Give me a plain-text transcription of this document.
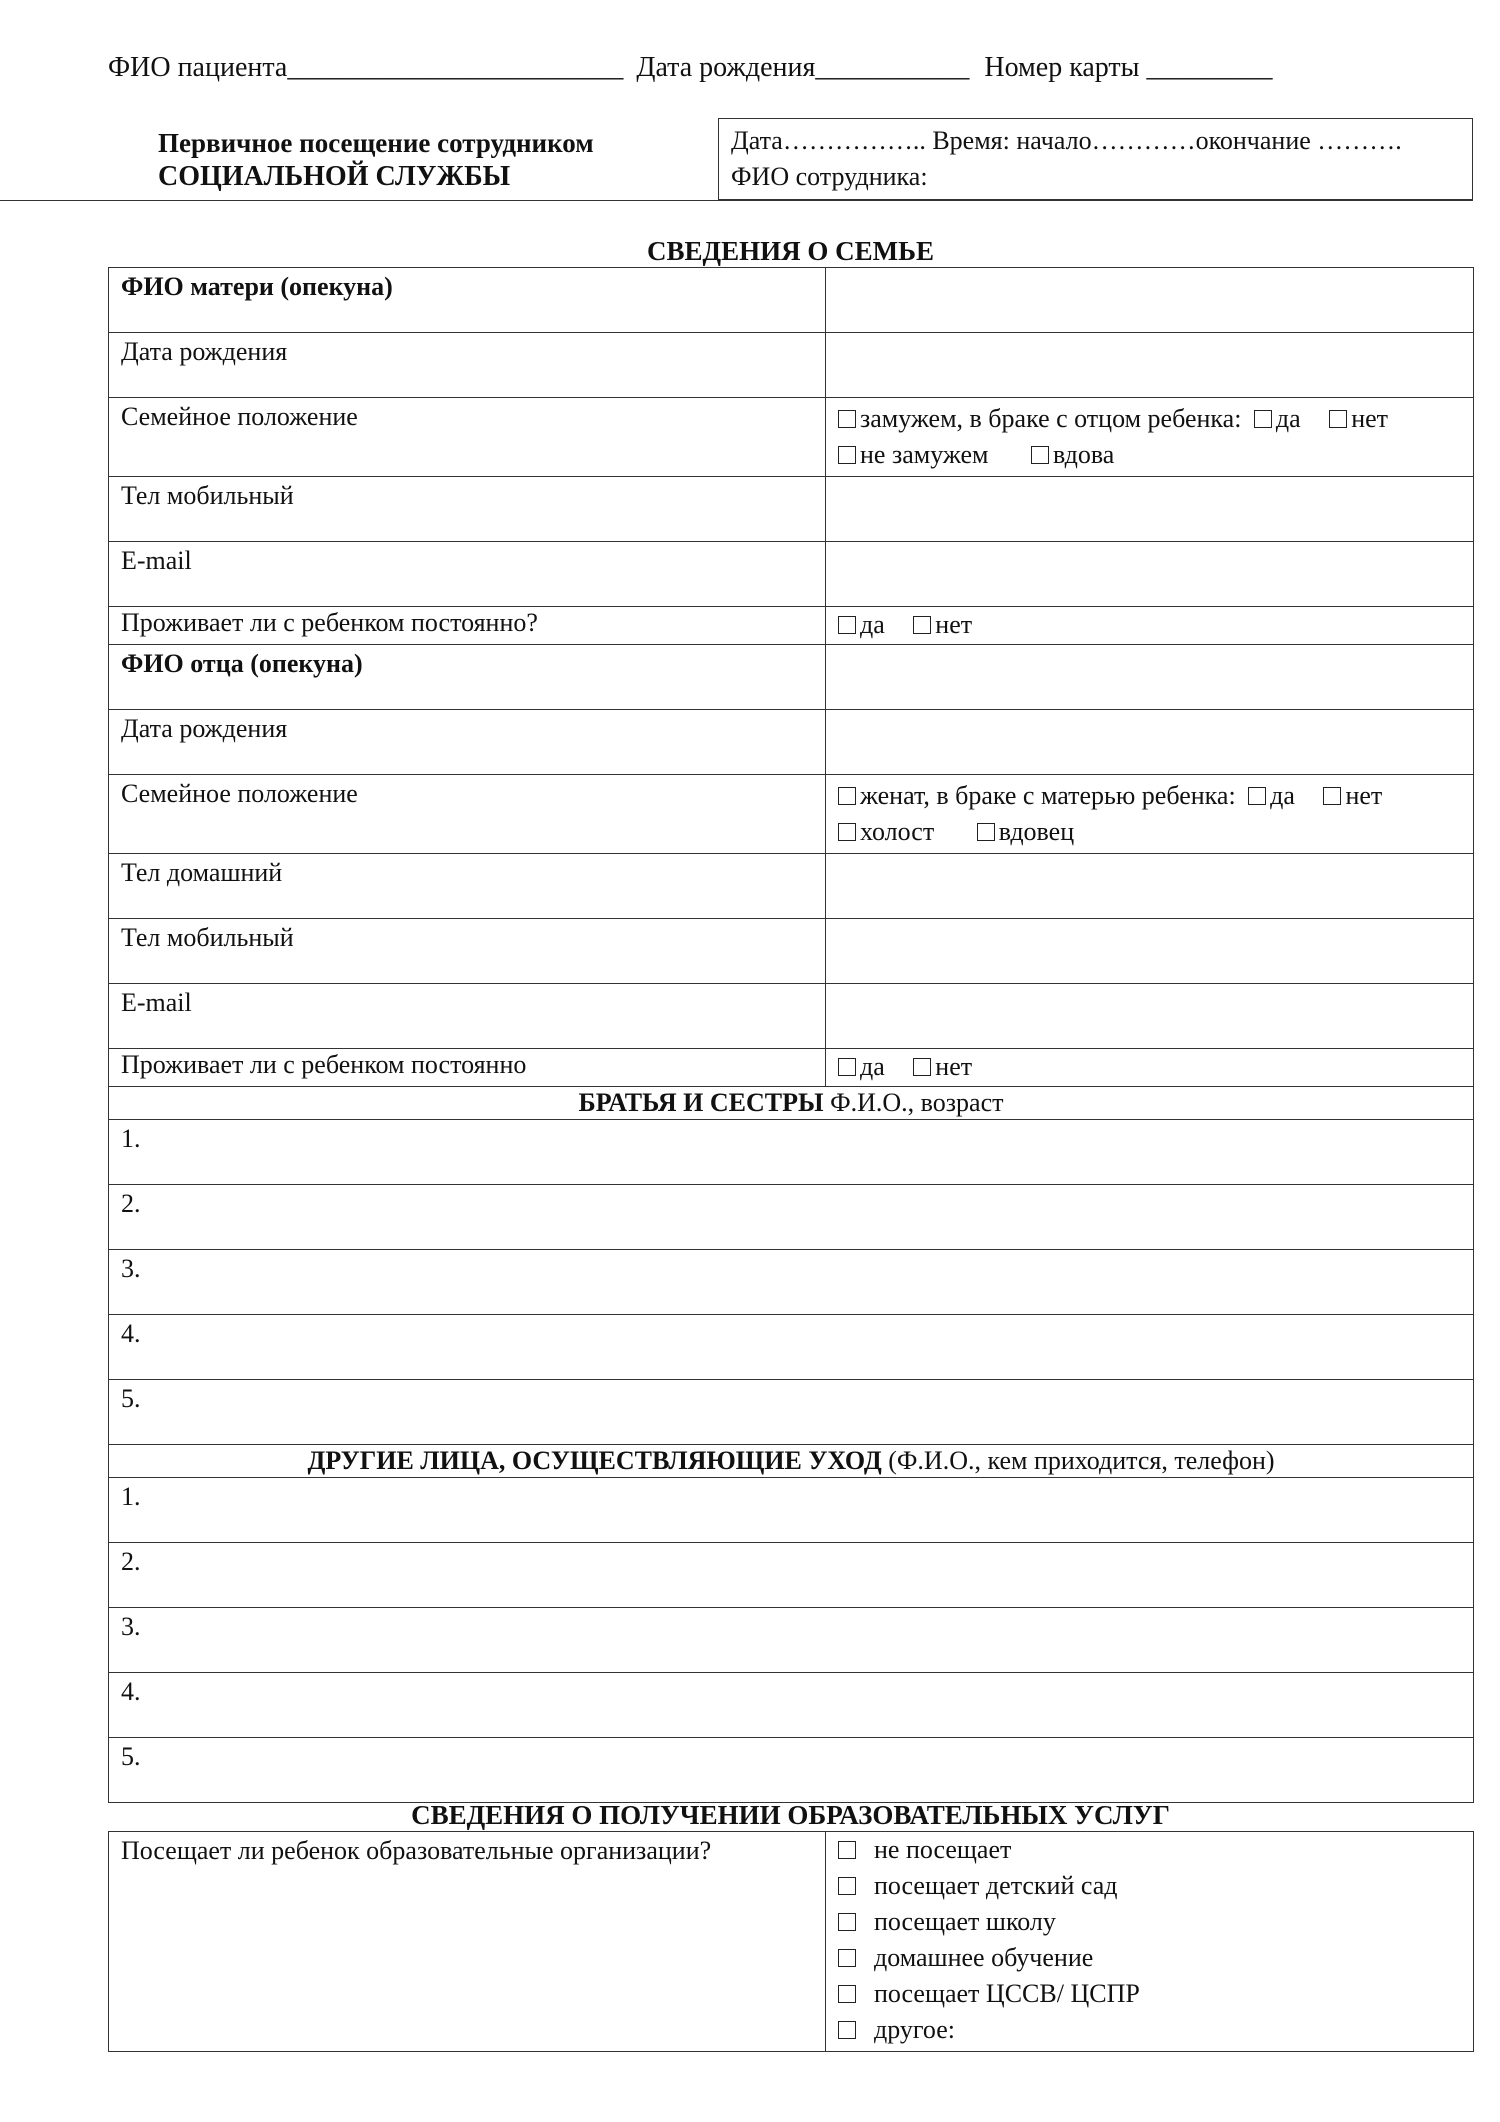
ФИО пациента________________________ Дата рождения___________ Номер карты _________
Первичное посещение сотрудником
СОЦИАЛЬНОЙ СЛУЖБЫ
Дата…………….. Время: начало…………окончание ……….
ФИО сотрудника:
СВЕДЕНИЯ О СЕМЬЕ
ФИО матери (опекуна)	
Дата рождения	
Семейное положение	замужем, в браке с отцом ребенка: да нет
не замужем вдова
Тел мобильный	
E-mail	
Проживает ли с ребенком постоянно?	да нет
ФИО отца (опекуна)	
Дата рождения	
Семейное положение	женат, в браке с матерью ребенка: да нет
холост вдовец
Тел домашний	
Тел мобильный	
E-mail	
Проживает ли с ребенком постоянно	да нет
БРАТЬЯ И СЕСТРЫ Ф.И.О., возраст	
1.	
2.	
3.	
4.	
5.	
ДРУГИЕ ЛИЦА, ОСУЩЕСТВЛЯЮЩИЕ УХОД (Ф.И.О., кем приходится, телефон)	
1.	
2.	
3.	
4.	
5.	
СВЕДЕНИЯ О ПОЛУЧЕНИИ ОБРАЗОВАТЕЛЬНЫХ УСЛУГ
Посещает ли ребенок образовательные организации?	не посещает
посещает детский сад
посещает школу
домашнее обучение
посещает ЦССВ/ ЦСПР
другое:
